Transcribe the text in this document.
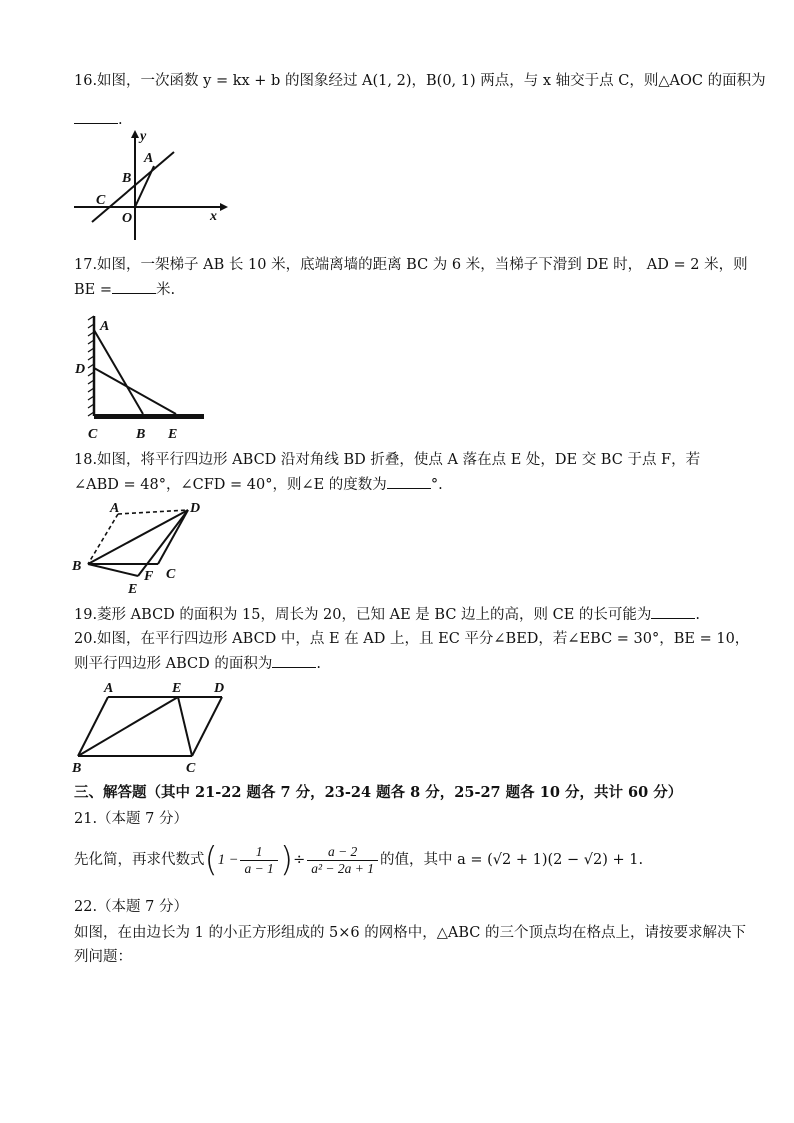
16.如图，一次函数 y = kx + b 的图象经过 A(1, 2)，B(0, 1) 两点，与 x 轴交于点 C，则△AOC 的面积为
.
y
x
A
B
C
O
17.如图，一架梯子 AB 长 10 米，底端离墙的距离 BC 为 6 米，当梯子下滑到 DE 时， AD = 2 米，则
BE =	米.
A
D
C	B E
18.如图，将平行四边形 ABCD 沿对角线 BD 折叠，使点 A 落在点 E 处，DE 交 BC 于点 F，若
∠ABD = 48°，∠CFD = 40°，则∠E 的度数为	°.
A	D
B
F C
E
19.菱形 ABCD 的面积为 15，周长为 20，已知 AE 是 BC 边上的高，则 CE 的长可能为	.
20.如图，在平行四边形 ABCD 中，点 E 在 AD 上，且 EC 平分∠BED，若∠EBC = 30°，BE = 10，
则平行四边形 ABCD 的面积为	.
A	E D
B	C
三、解答题（其中 21-22 题各 7 分，23-24 题各 8 分，25-27 题各 10 分，共计 60 分）
21.（本题 7 分）
先化简，再求代数式($1 - \frac{1}{a - 1}$ )÷ $\frac{a - 2}{\text{a² − 2a + 1}}$ 的值，其中 a = (√2 + 1)(2 − √2) + 1.
22.（本题 7 分）
如图，在由边长为 1 的小正方形组成的 5×6 的网格中，△ABC 的三个顶点均在格点上，请按要求解决下
列问题：
